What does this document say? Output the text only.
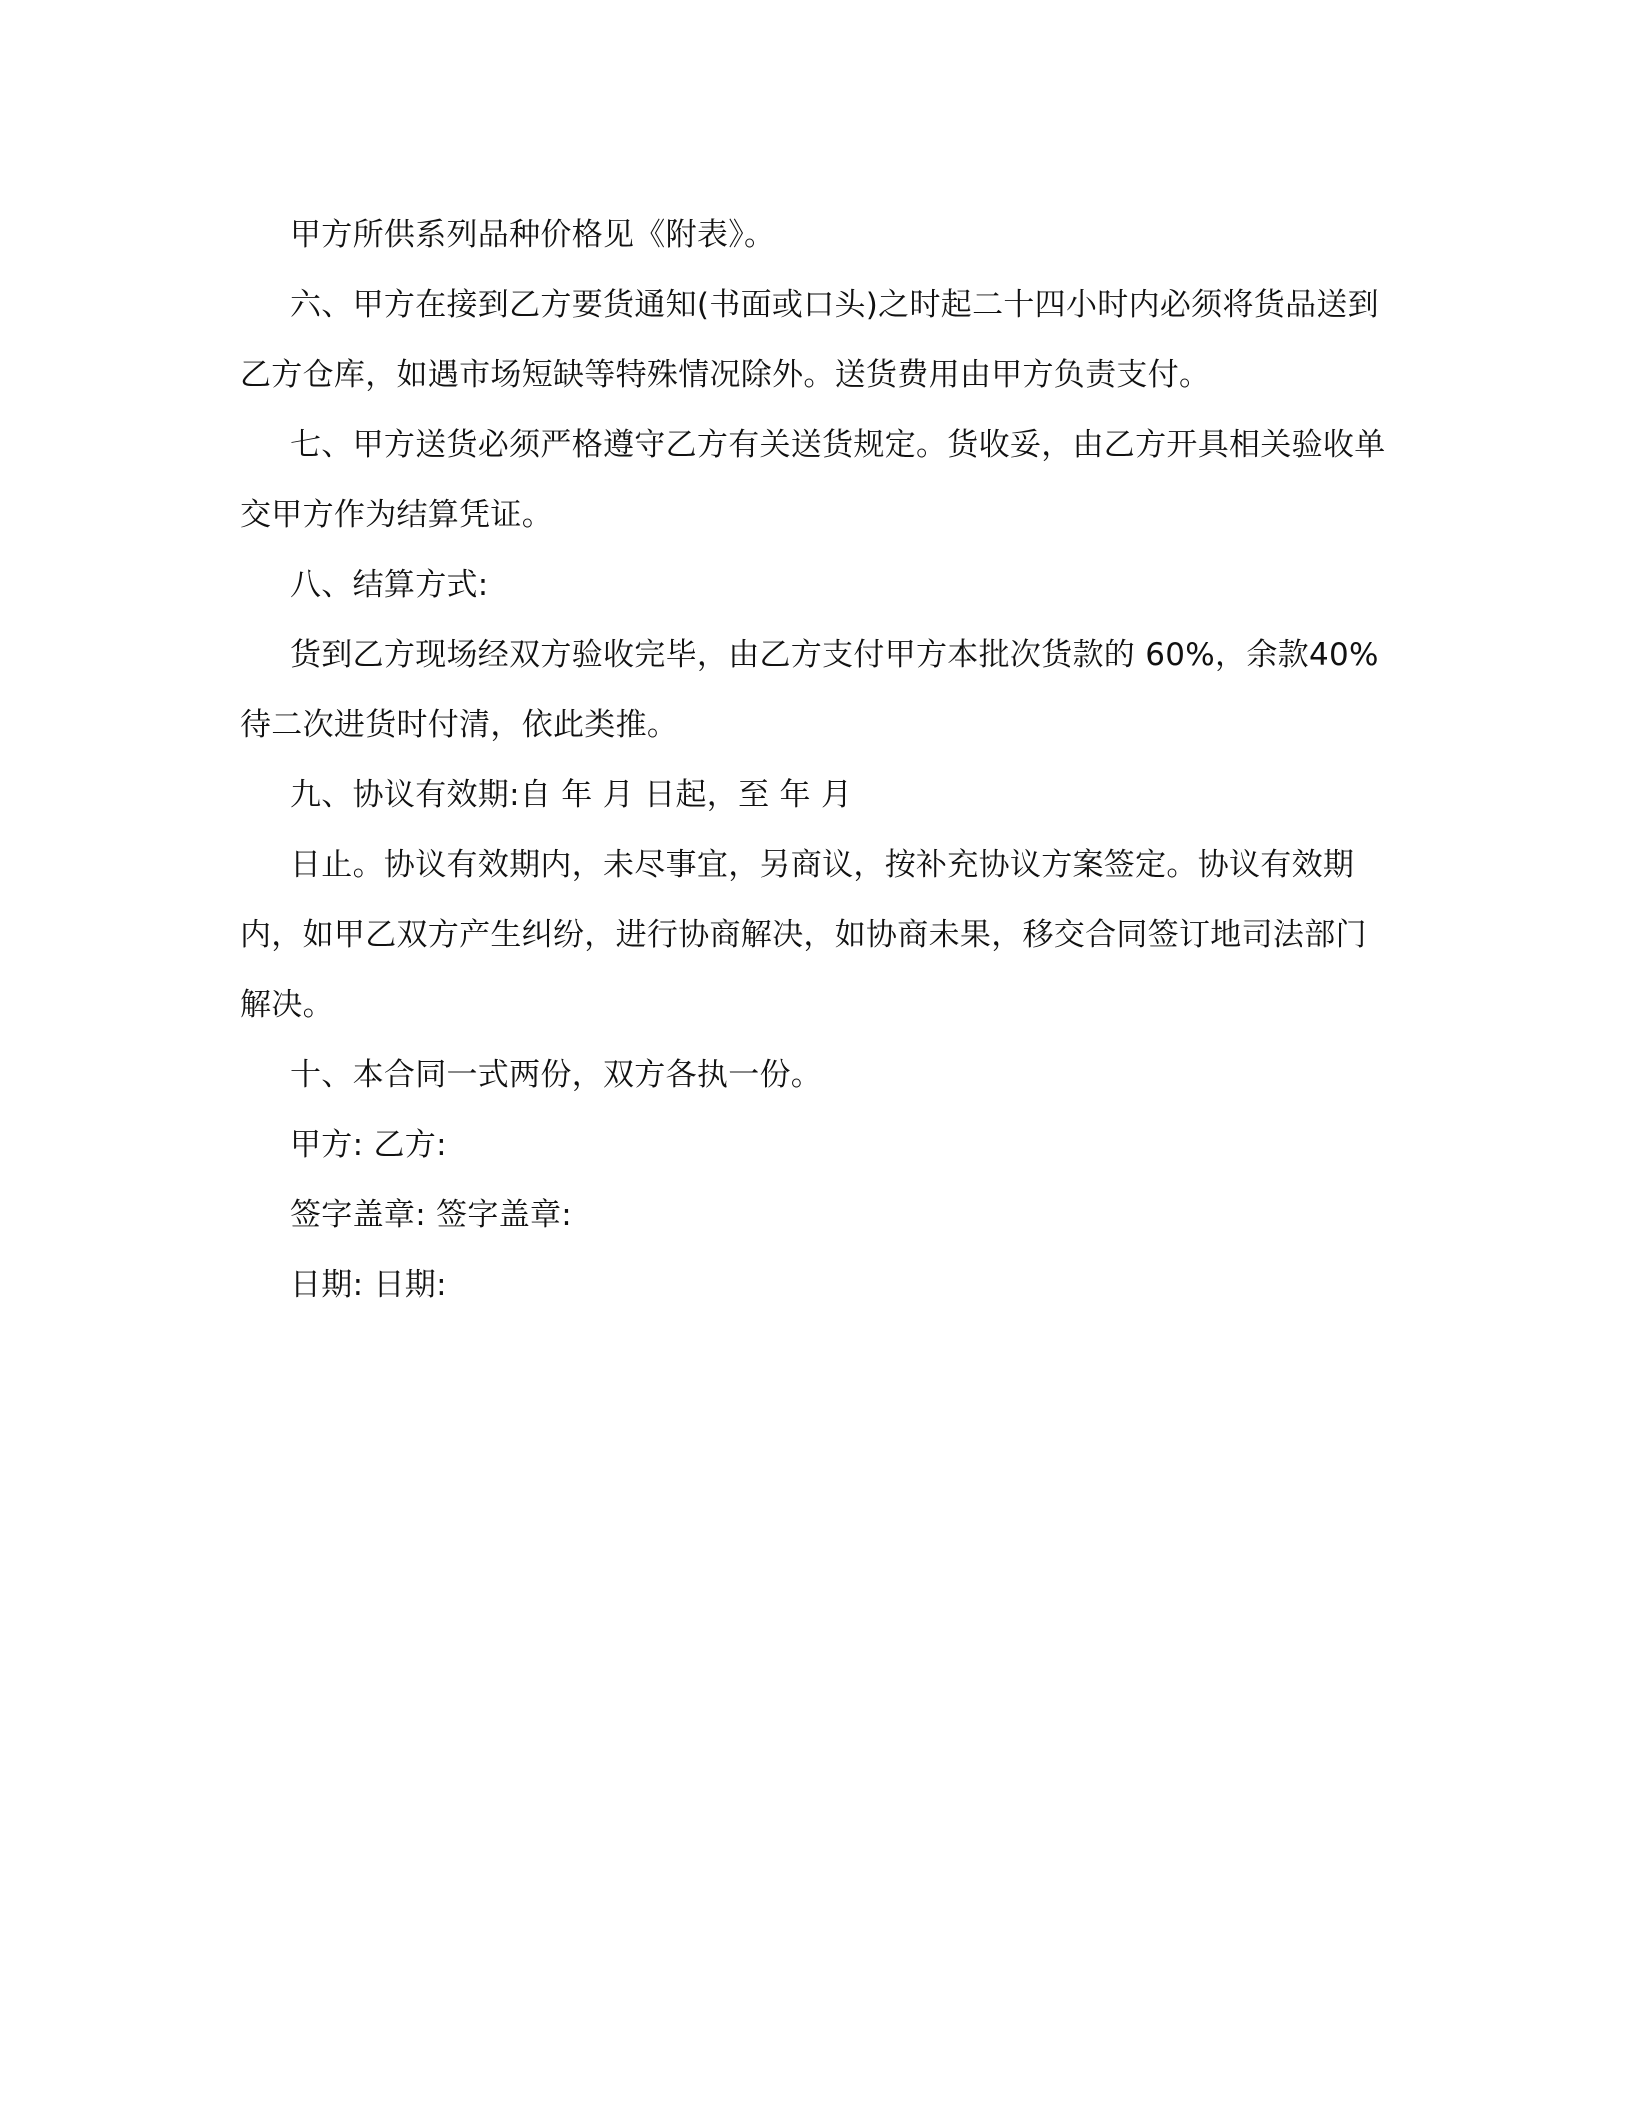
甲方所供系列品种价格见《附表》。

六、甲方在接到乙方要货通知(书面或口头)之时起二十四小时内必须将货品送到乙方仓库，如遇市场短缺等特殊情况除外。送货费用由甲方负责支付。

七、甲方送货必须严格遵守乙方有关送货规定。货收妥，由乙方开具相关验收单交甲方作为结算凭证。

八、结算方式:

货到乙方现场经双方验收完毕，由乙方支付甲方本批次货款的 60%，余款40%待二次进货时付清，依此类推。

九、协议有效期:自 年 月 日起，至 年 月

日止。协议有效期内，未尽事宜，另商议，按补充协议方案签定。协议有效期内，如甲乙双方产生纠纷，进行协商解决，如协商未果，移交合同签订地司法部门解决。

十、本合同一式两份，双方各执一份。

甲方: 乙方:

签字盖章: 签字盖章:

日期: 日期:
